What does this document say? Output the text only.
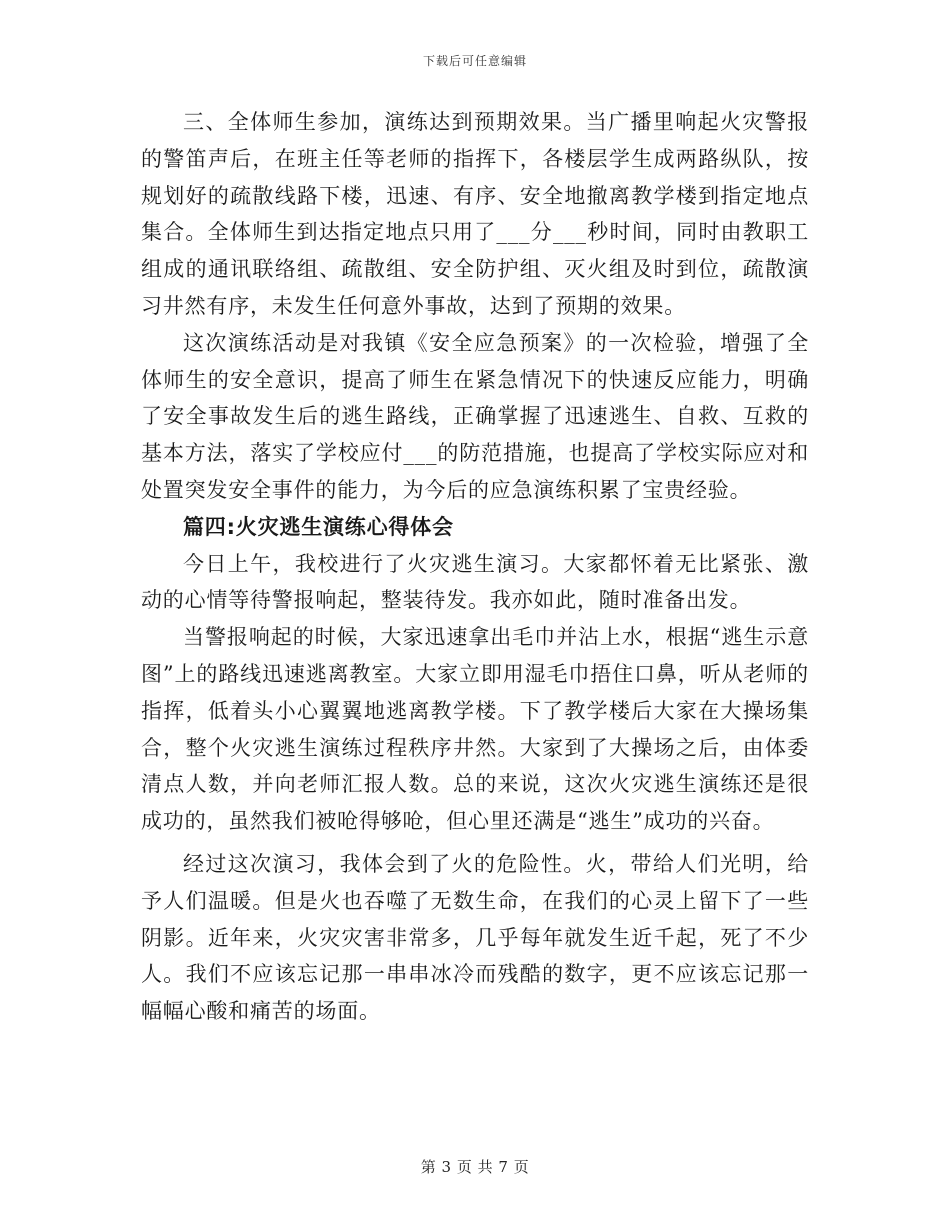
下载后可任意编辑

三、全体师生参加，演练达到预期效果。当广播里响起火灾警报的警笛声后，在班主任等老师的指挥下，各楼层学生成两路纵队，按规划好的疏散线路下楼，迅速、有序、安全地撤离教学楼到指定地点集合。全体师生到达指定地点只用了___分___秒时间，同时由教职工组成的通讯联络组、疏散组、安全防护组、灭火组及时到位，疏散演习井然有序，未发生任何意外事故，达到了预期的效果。

这次演练活动是对我镇《安全应急预案》的一次检验，增强了全体师生的安全意识，提高了师生在紧急情况下的快速反应能力，明确了安全事故发生后的逃生路线，正确掌握了迅速逃生、自救、互救的基本方法，落实了学校应付___的防范措施，也提高了学校实际应对和处置突发安全事件的能力，为今后的应急演练积累了宝贵经验。

篇四:火灾逃生演练心得体会

今日上午，我校进行了火灾逃生演习。大家都怀着无比紧张、激动的心情等待警报响起，整装待发。我亦如此，随时准备出发。

当警报响起的时候，大家迅速拿出毛巾并沾上水，根据“逃生示意图”上的路线迅速逃离教室。大家立即用湿毛巾捂住口鼻，听从老师的指挥，低着头小心翼翼地逃离教学楼。下了教学楼后大家在大操场集合，整个火灾逃生演练过程秩序井然。大家到了大操场之后，由体委清点人数，并向老师汇报人数。总的来说，这次火灾逃生演练还是很成功的，虽然我们被呛得够呛，但心里还满是“逃生”成功的兴奋。

经过这次演习，我体会到了火的危险性。火，带给人们光明，给予人们温暖。但是火也吞噬了无数生命，在我们的心灵上留下了一些阴影。近年来，火灾灾害非常多，几乎每年就发生近千起，死了不少人。我们不应该忘记那一串串冰冷而残酷的数字，更不应该忘记那一幅幅心酸和痛苦的场面。

第 3 页 共 7 页
